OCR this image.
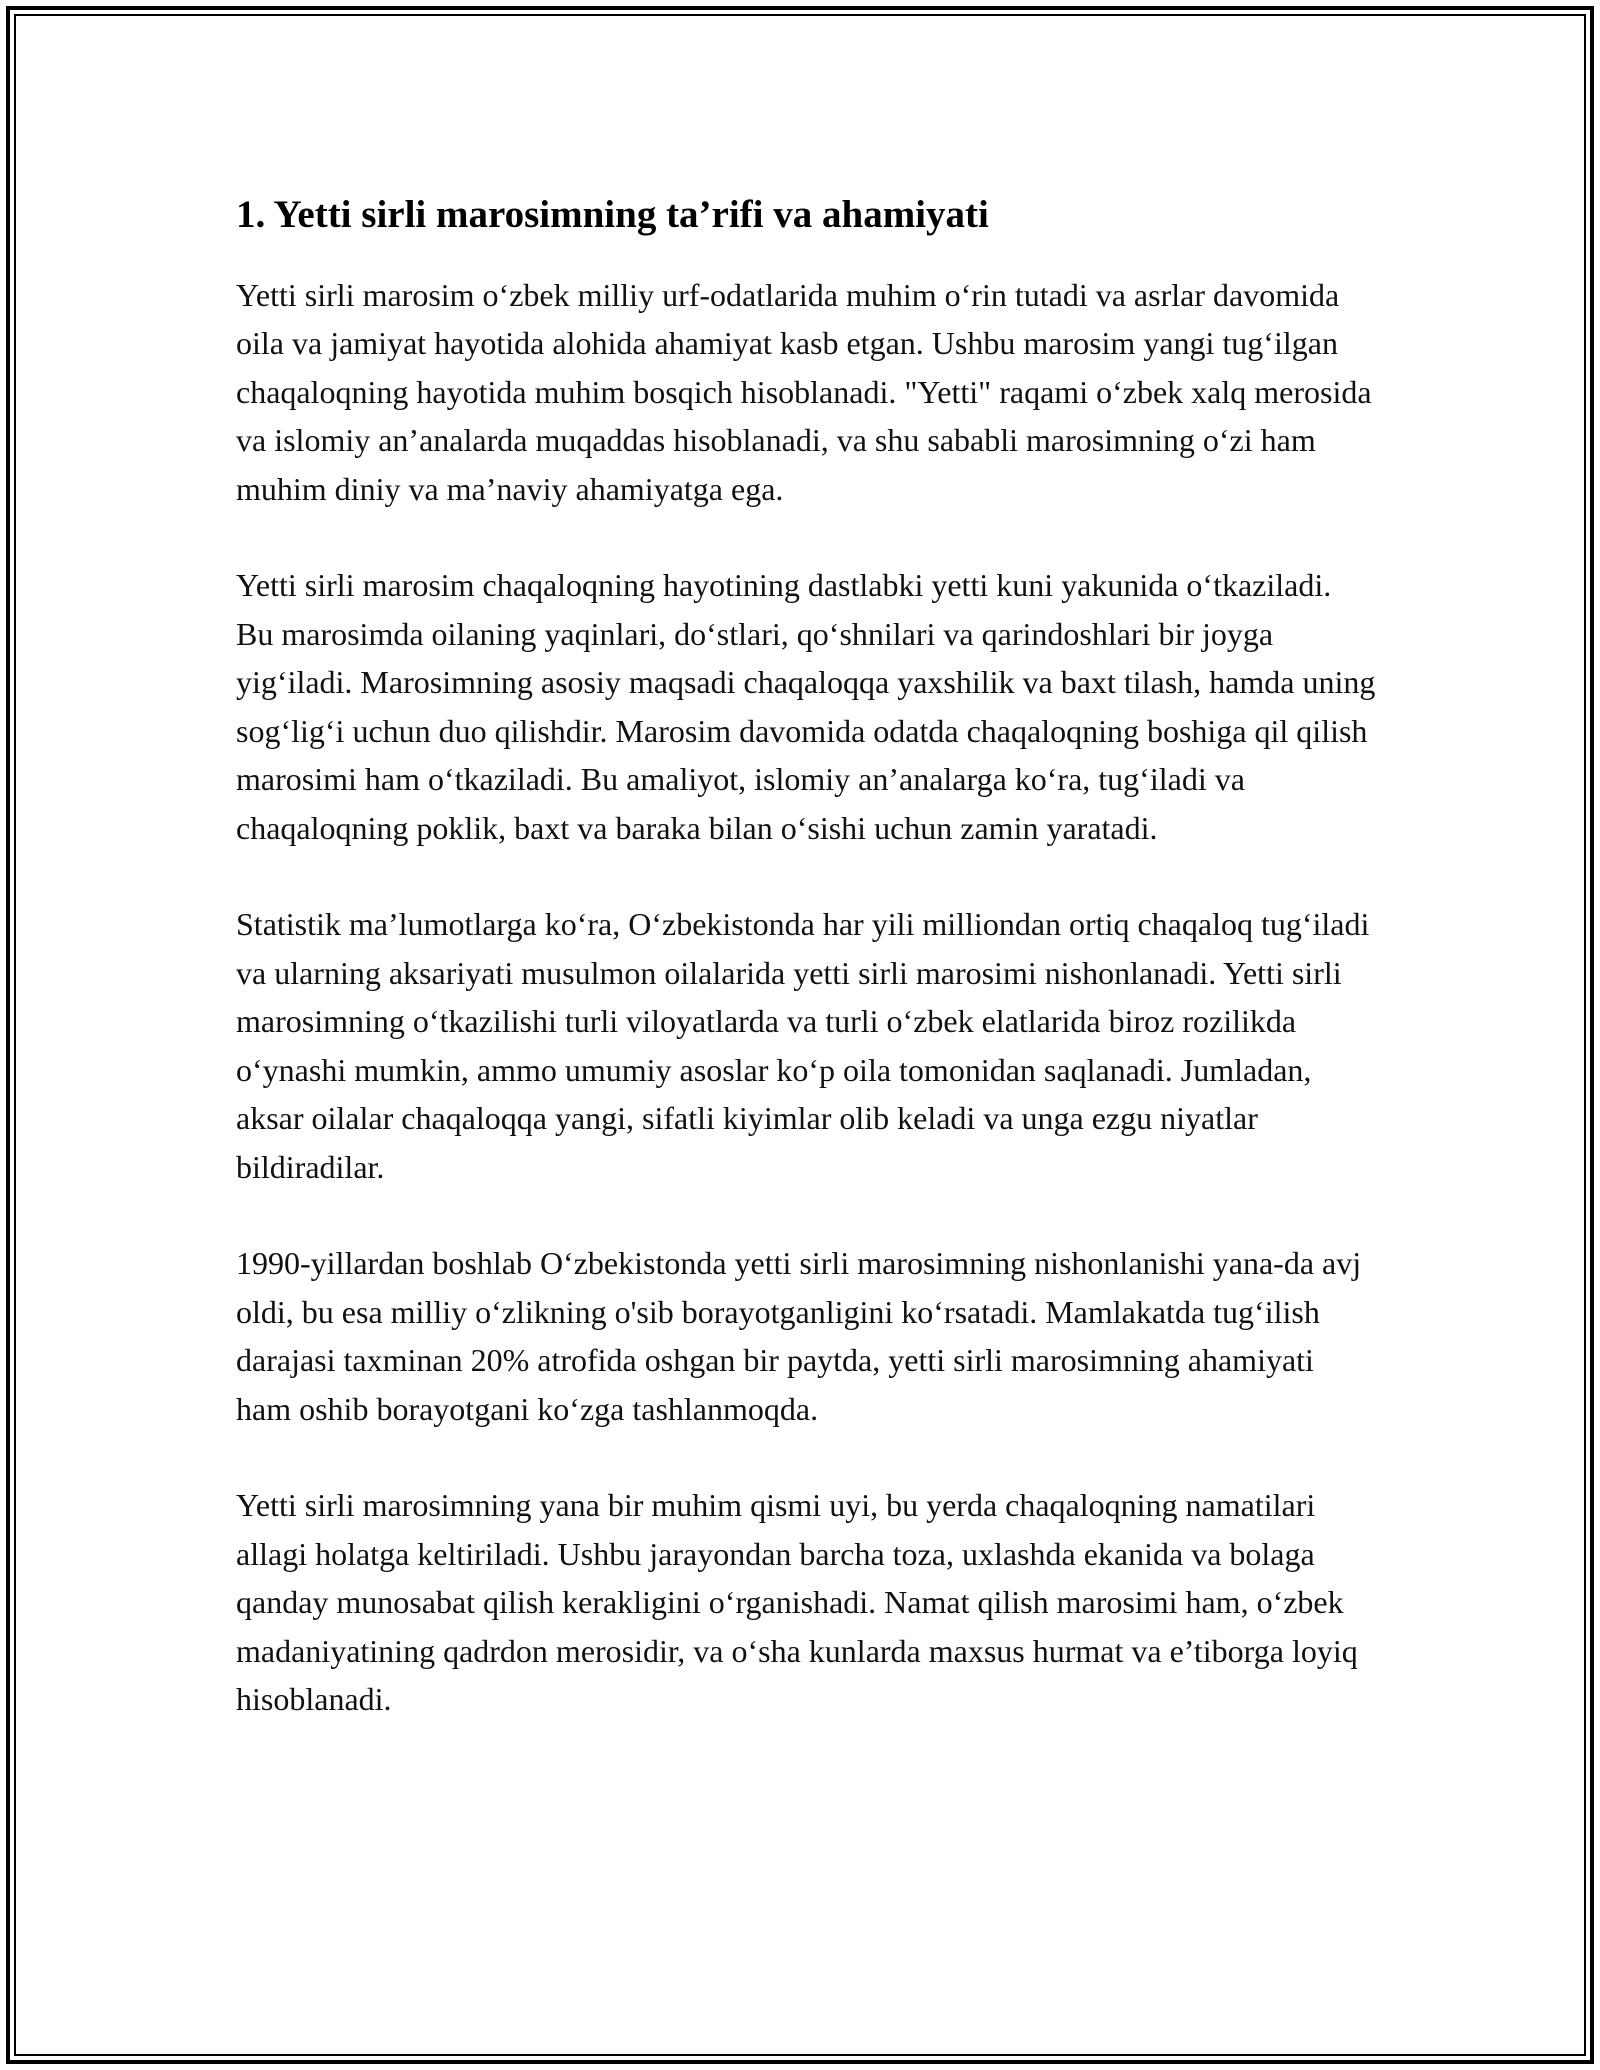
1. Yetti sirli marosimning ta’rifi va ahamiyati

Yetti sirli marosim o‘zbek milliy urf-odatlarida muhim o‘rin tutadi va asrlar davomida oila va jamiyat hayotida alohida ahamiyat kasb etgan. Ushbu marosim yangi tug‘ilgan chaqaloqning hayotida muhim bosqich hisoblanadi. "Yetti" raqami o‘zbek xalq merosida va islomiy an’analarda muqaddas hisoblanadi, va shu sababli marosimning o‘zi ham muhim diniy va ma’naviy ahamiyatga ega.

Yetti sirli marosim chaqaloqning hayotining dastlabki yetti kuni yakunida o‘tkaziladi. Bu marosimda oilaning yaqinlari, do‘stlari, qo‘shnilari va qarindoshlari bir joyga yig‘iladi. Marosimning asosiy maqsadi chaqaloqqa yaxshilik va baxt tilash, hamda uning sog‘lig‘i uchun duo qilishdir. Marosim davomida odatda chaqaloqning boshiga qil qilish marosimi ham o‘tkaziladi. Bu amaliyot, islomiy an’analarga ko‘ra, tug‘iladi va chaqaloqning poklik, baxt va baraka bilan o‘sishi uchun zamin yaratadi.

Statistik ma’lumotlarga ko‘ra, O‘zbekistonda har yili milliondan ortiq chaqaloq tug‘iladi va ularning aksariyati musulmon oilalarida yetti sirli marosimi nishonlanadi. Yetti sirli marosimning o‘tkazilishi turli viloyatlarda va turli o‘zbek elatlarida biroz rozilikda o‘ynashi mumkin, ammo umumiy asoslar ko‘p oila tomonidan saqlanadi. Jumladan, aksar oilalar chaqaloqqa yangi, sifatli kiyimlar olib keladi va unga ezgu niyatlar bildiradilar.

1990-yillardan boshlab O‘zbekistonda yetti sirli marosimning nishonlanishi yana-da avj oldi, bu esa milliy o‘zlikning o'sib borayotganligini ko‘rsatadi. Mamlakatda tug‘ilish darajasi taxminan 20% atrofida oshgan bir paytda, yetti sirli marosimning ahamiyati ham oshib borayotgani ko‘zga tashlanmoqda.

Yetti sirli marosimning yana bir muhim qismi uyi, bu yerda chaqaloqning namatilari allagi holatga keltiriladi. Ushbu jarayondan barcha toza, uxlashda ekanida va bolaga qanday munosabat qilish kerakligini o‘rganishadi. Namat qilish marosimi ham, o‘zbek madaniyatining qadrdon merosidir, va o‘sha kunlarda maxsus hurmat va e’tiborga loyiq hisoblanadi.
